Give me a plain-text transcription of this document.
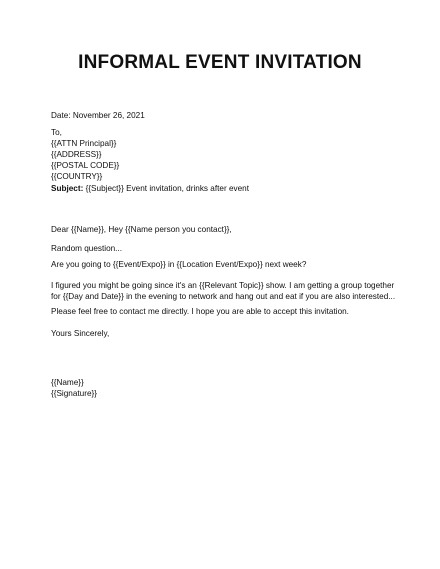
INFORMAL EVENT INVITATION
Date: November 26, 2021
To,
{{ATTN Principal}}
{{ADDRESS}}
{{POSTAL CODE}}
{{COUNTRY}}
Subject: {{Subject}} Event invitation, drinks after event
Dear {{Name}}, Hey {{Name person you contact}},
Random question...
Are you going to {{Event/Expo}} in {{Location Event/Expo}} next week?
I figured you might be going since it's an {{Relevant Topic}} show. I am getting a group together for {{Day and Date}} in the evening to network and hang out and eat if you are also interested...
Please feel free to contact me directly. I hope you are able to accept this invitation.
Yours Sincerely,
{{Name}}
{{Signature}}
